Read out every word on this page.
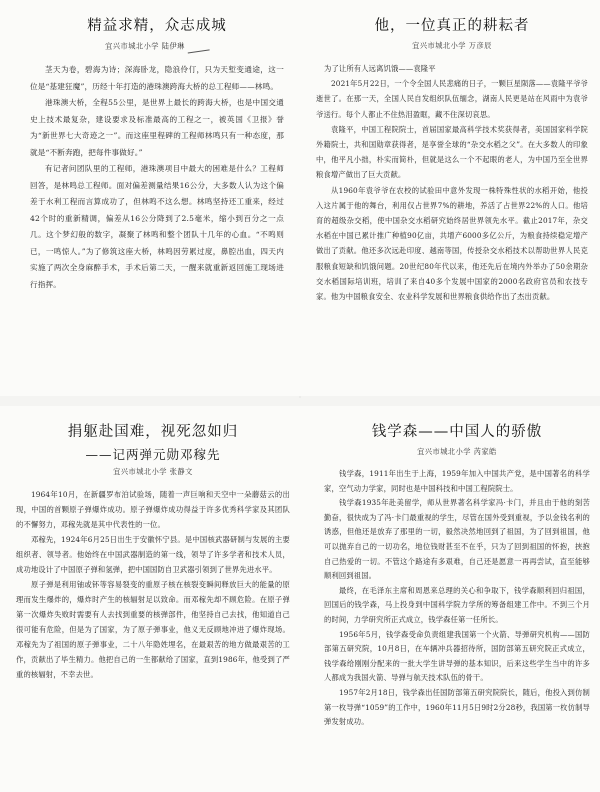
精益求精，众志成城
宜兴市城北小学 陆伊琳

茎天为卷，碧海为诗；深海卧龙，隐浪伶仃，只为天堑变通途，这一位是“基建狂魔”，历经十年打造的港珠澳跨海大桥的总工程师——林鸣。

港珠澳大桥，全程55公里，是世界上最长的跨海大桥，也是中国交通史上技术最复杂，建设要求及标准最高的工程之一，被英国《卫报》誉为“新世界七大奇迹之一”。而这座里程碑的工程师林鸣只有一种态度，那就是“不断奔跑，把每件事做好。”

有记者问团队里的工程师，港珠澳项目中最大的困难是什么？工程师回答，是林鸣总工程师。面对偏差测量结果16公分，大多数人认为这个偏差于水利工程而言算成功了，但林鸣不这么想。林鸣坚持还工重来，经过42个时的重新精调，偏差从16公分降到了2.5毫米，缩小到百分之一点几。这个梦幻般的数字，凝聚了林鸣和整个团队十几年的心血。“不鸣则已，一鸣惊人。”为了修筑这座大桥，林鸣因劳累过度，鼻腔出血，四天内实施了两次全身麻醉手术，手术后第二天，一醒来就重新返回施工现场进行指挥。

他，一位真正的耕耘者
宜兴市城北小学 万彦辰

为了让所有人远离饥饿——袁隆平

2021年5月22日，一个令全国人民悲痛的日子，一颗巨星陨落——袁隆平爷爷逝世了。在那一天，全国人民自发组织队伍缅念，湖南人民更是站在风雨中为袁爷爷送行。每个人都止不住热泪盈眶，藏不住深切哀思。

袁隆平，中国工程院院士，首届国家最高科学技术奖获得者，美国国家科学院外籍院士，共和国勋章获得者，是享誉全球的“杂交水稻之父”。在大多数人的印象中，他平凡小拙，朴实而简朴，但就是这么一个不起眼的老人，为中国乃至全世界粮食增产做出了巨大贡献。

从1960年袁爷爷在农校的试验田中意外发现一株特殊性状的水稻开始，他投入这片属于他的舞台，利用仅占世界7%的耕地，养活了占世界22%的人口。他培育的超级杂交稻，使中国杂交水稻研究始终居世界领先水平。截止2017年，杂交水稻在中国已累计推广种植90亿亩，共增产6000多亿公斤，为粮食持续稳定增产做出了贡献。他还多次远赴印度、越南等国，传授杂交水稻技术以帮助世界人民克服粮食短缺和饥饿问题。20世纪80年代以来，他还先后在境内外举办了50余期杂交水稻国际培训班，培训了来自40多个发展中国家的2000名政府官员和农技专家。他为中国粮食安全、农业科学发展和世界粮食供给作出了杰出贡献。

捐躯赴国难，视死忽如归
——记两弹元勋邓稼先
宜兴市城北小学 张静文

1964年10月，在新疆罗布泊试验场，随着一声巨响和天空中一朵蘑菇云的出现，中国的首颗原子弹爆炸成功。原子弹爆炸成功得益于许多优秀科学家及其团队的不懈努力，邓稼先就是其中代表性的一位。

邓稼先，1924年6月25日出生于安徽怀宁县。是中国核武器研制与发展的主要组织者、领导者。他始终在中国武器制造的第一线，领导了许多学者和技术人员，成功地设计了中国原子弹和氢弹，把中国国防自卫武器引领到了世界先进水平。

原子弹是利用铀或钚等容易裂变的重原子核在核裂变瞬间释放巨大的能量的原理而发生爆炸的，爆炸时产生的核辐射足以致命。而邓稼先却不顾危险。在原子弹第一次爆炸失败时需要有人去找到重要的核弹部件，他坚持自己去找，他知道自己很可能有危险，但是为了国家，为了原子弹事业，他义无反顾地冲进了爆炸现场。邓稼先为了祖国的原子弹事业，二十八年隐姓埋名，在最艰苦的地方做最艰苦的工作，贡献出了毕生精力。他把自己的一生都献给了国家，直到1986年，他受到了严重的核辐射，不幸去世。

钱学森——中国人的骄傲
宜兴市城北小学 芮家皓

钱学森，1911年出生于上海，1959年加入中国共产党，是中国著名的科学家，空气动力学家，同时也是中国科技和中国工程院院士。

钱学森1935年赴美留学，师从世界著名科学家冯·卡门，并且由于他的刻苦勤奋，很快成为了冯·卡门最重视的学生，尽管在国外受到重视，予以金钱名利的诱惑，但他还是放弃了那里的一切，毅然决然地回到了祖国，为了回到祖国，他可以抛弃自己的一切功名，地位钱财甚至不在乎，只为了回到祖国的怀抱，挟抱自己热爱的一切。不管这个路途有多艰难，自己还是愿意一再再尝试，直至能够顺利回到祖国。

最终，在毛泽东主席和周恩来总理的关心和争取下，钱学森顺利回归祖国，回国后的钱学森，马上投身到中国科学院力学所的筹备组建工作中。不到三个月的时间，力学研究所正式成立，钱学森任第一任所长。

1956年5月，钱学森受命负责组建我国第一个火箭、导弹研究机构——国防部第五研究院，10月8日，在车辆冲兵器招待所，国防部第五研究院正式成立，钱学森给刚刚分配来的一批大学生讲导弹的基本知识，后来这些学生当中的许多人都成为我国火箭、导弹与航天技术队伍的骨干。

1957年2月18日，钱学森出任国防部第五研究院院长，随后，他投入到仿制第一枚导弹“1059”的工作中，1960年11月5日9时2分28秒，我国第一枚仿制导弹发射成功。
